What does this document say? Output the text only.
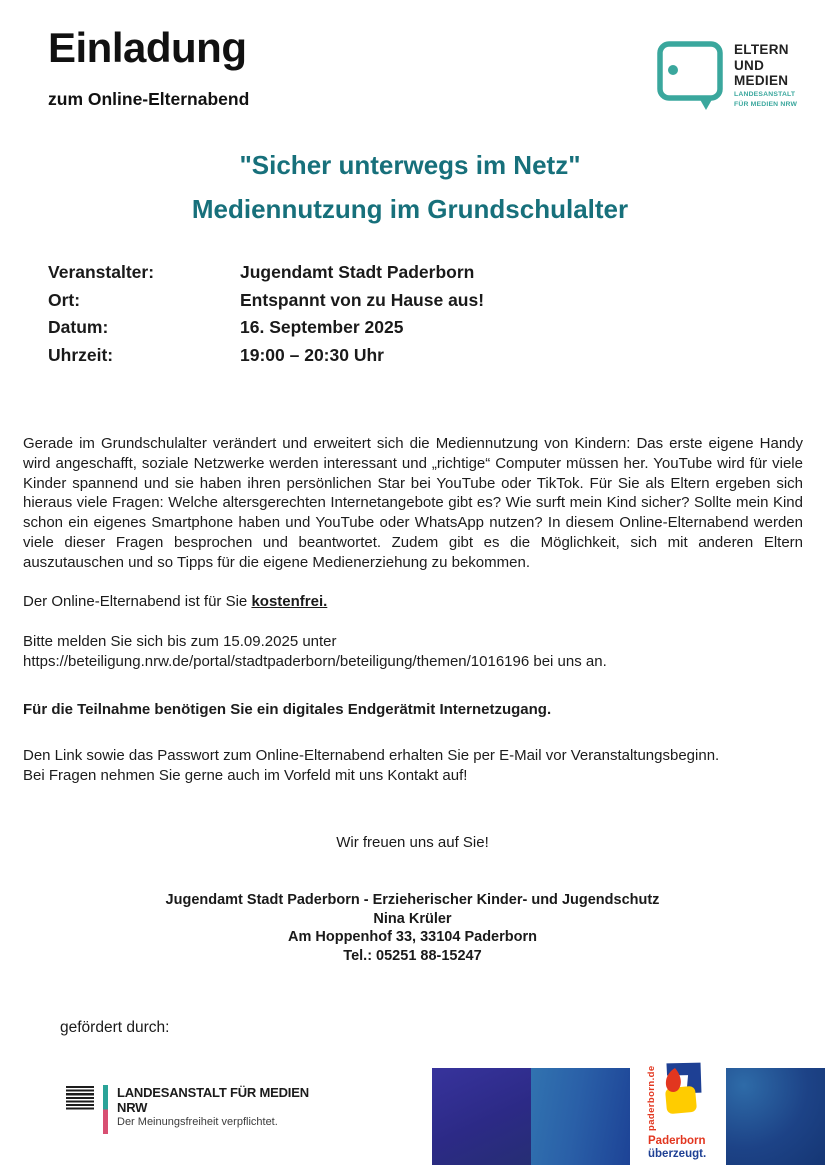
Einladung
zum Online-Elternabend
ELTERN
UND
MEDIEN
LANDESANSTALT
FÜR MEDIEN NRW
"Sicher unterwegs im Netz"
Mediennutzung im Grundschulalter
Veranstalter:	Jugendamt Stadt Paderborn
Ort:	Entspannt von zu Hause aus!
Datum:	16. September 2025
Uhrzeit:	19:00 – 20:30 Uhr
Gerade im Grundschulalter verändert und erweitert sich die Mediennutzung von Kindern: Das erste eigene Handy wird angeschafft, soziale Netzwerke werden interessant und „richtige“ Computer müssen her. YouTube wird für viele Kinder spannend und sie haben ihren persönlichen Star bei YouTube oder TikTok. Für Sie als Eltern ergeben sich hieraus viele Fragen: Welche altersgerechten Internetangebote gibt es? Wie surft mein Kind sicher? Sollte mein Kind schon ein eigenes Smartphone haben und YouTube oder WhatsApp nutzen? In diesem Online-Elternabend werden viele dieser Fragen besprochen und beantwortet. Zudem gibt es die Möglichkeit, sich mit anderen Eltern auszutauschen und so Tipps für die eigene Medienerziehung zu bekommen.
Der Online-Elternabend ist für Sie kostenfrei.
Bitte melden Sie sich bis zum 15.09.2025 unter
https://beteiligung.nrw.de/portal/stadtpaderborn/beteiligung/themen/1016196 bei uns an.
Für die Teilnahme benötigen Sie ein digitales Endgerätmit Internetzugang.
Den Link sowie das Passwort zum Online-Elternabend erhalten Sie per E-Mail vor Veranstaltungsbeginn.
Bei Fragen nehmen Sie gerne auch im Vorfeld mit uns Kontakt auf!
Wir freuen uns auf Sie!
Jugendamt Stadt Paderborn - Erzieherischer Kinder- und Jugendschutz
Nina Krüler
Am Hoppenhof 33, 33104 Paderborn
Tel.: 05251 88-15247
gefördert durch:
LANDESANSTALT FÜR MEDIEN NRW
Der Meinungsfreiheit verpflichtet.	paderborn.de
Paderborn
überzeugt.
